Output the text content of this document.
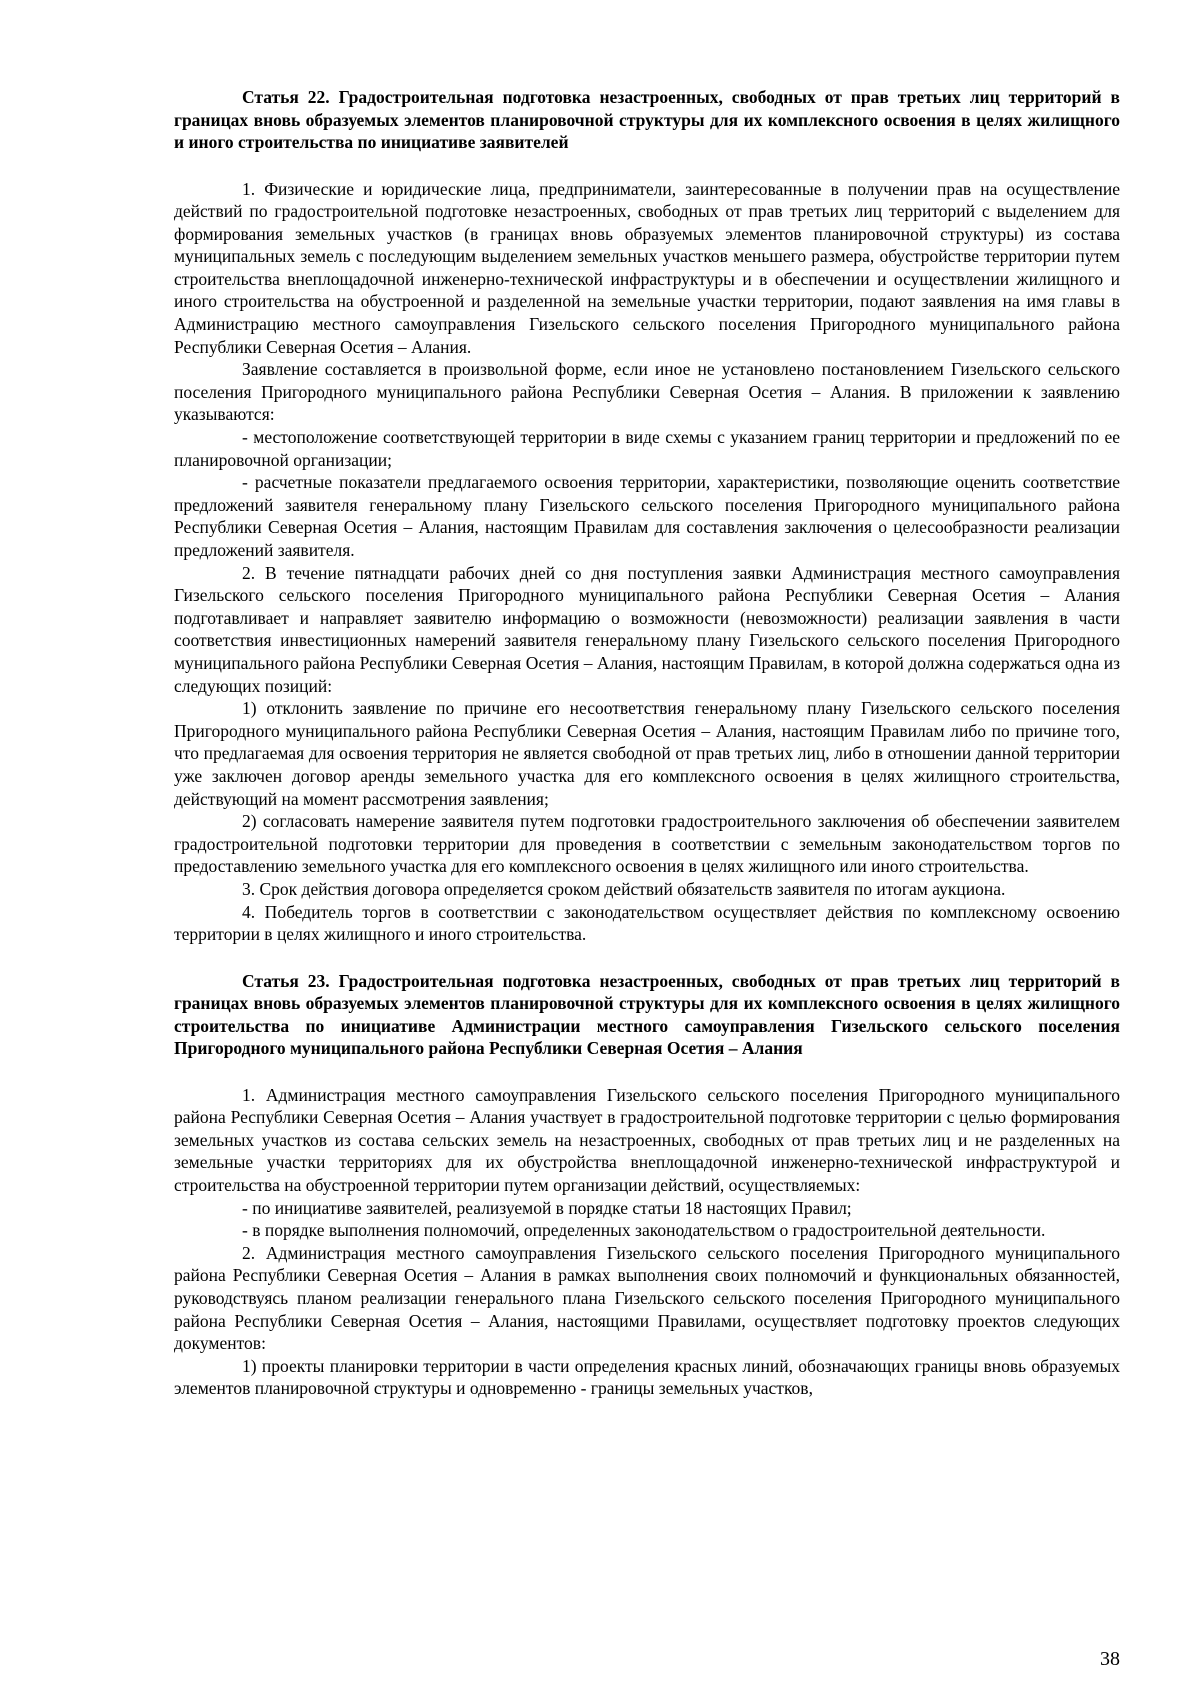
Статья 22. Градостроительная подготовка незастроенных, свободных от прав третьих лиц территорий в границах вновь образуемых элементов планировочной структуры для их комплексного освоения в целях жилищного и иного строительства по инициативе заявителей

1. Физические и юридические лица, предприниматели, заинтересованные в получении прав на осуществление действий по градостроительной подготовке незастроенных, свободных от прав третьих лиц территорий с выделением для формирования земельных участков (в границах вновь образуемых элементов планировочной структуры) из состава муниципальных земель с последующим выделением земельных участков меньшего размера, обустройстве территории путем строительства внеплощадочной инженерно-технической инфраструктуры и в обеспечении и осуществлении жилищного и иного строительства на обустроенной и разделенной на земельные участки территории, подают заявления на имя главы в Администрацию местного самоуправления Гизельского сельского поселения Пригородного муниципального района Республики Северная Осетия – Алания.

Заявление составляется в произвольной форме, если иное не установлено постановлением Гизельского сельского поселения Пригородного муниципального района Республики Северная Осетия – Алания. В приложении к заявлению указываются:

- местоположение соответствующей территории в виде схемы с указанием границ территории и предложений по ее планировочной организации;

- расчетные показатели предлагаемого освоения территории, характеристики, позволяющие оценить соответствие предложений заявителя генеральному плану Гизельского сельского поселения Пригородного муниципального района Республики Северная Осетия – Алания, настоящим Правилам для составления заключения о целесообразности реализации предложений заявителя.

2. В течение пятнадцати рабочих дней со дня поступления заявки Администрация местного самоуправления Гизельского сельского поселения Пригородного муниципального района Республики Северная Осетия – Алания подготавливает и направляет заявителю информацию о возможности (невозможности) реализации заявления в части соответствия инвестиционных намерений заявителя генеральному плану Гизельского сельского поселения Пригородного муниципального района Республики Северная Осетия – Алания, настоящим Правилам, в которой должна содержаться одна из следующих позиций:

1) отклонить заявление по причине его несоответствия генеральному плану Гизельского сельского поселения Пригородного муниципального района Республики Северная Осетия – Алания, настоящим Правилам либо по причине того, что предлагаемая для освоения территория не является свободной от прав третьих лиц, либо в отношении данной территории уже заключен договор аренды земельного участка для его комплексного освоения в целях жилищного строительства, действующий на момент рассмотрения заявления;

2) согласовать намерение заявителя путем подготовки градостроительного заключения об обеспечении заявителем градостроительной подготовки территории для проведения в соответствии с земельным законодательством торгов по предоставлению земельного участка для его комплексного освоения в целях жилищного или иного строительства.

3. Срок действия договора определяется сроком действий обязательств заявителя по итогам аукциона.

4. Победитель торгов в соответствии с законодательством осуществляет действия по комплексному освоению территории в целях жилищного и иного строительства.

Статья 23. Градостроительная подготовка незастроенных, свободных от прав третьих лиц территорий в границах вновь образуемых элементов планировочной структуры для их комплексного освоения в целях жилищного строительства по инициативе Администрации местного самоуправления Гизельского сельского поселения Пригородного муниципального района Республики Северная Осетия – Алания

1. Администрация местного самоуправления Гизельского сельского поселения Пригородного муниципального района Республики Северная Осетия – Алания участвует в градостроительной подготовке территории с целью формирования земельных участков из состава сельских земель на незастроенных, свободных от прав третьих лиц и не разделенных на земельные участки территориях для их обустройства внеплощадочной инженерно-технической инфраструктурой и строительства на обустроенной территории путем организации действий, осуществляемых:

- по инициативе заявителей, реализуемой в порядке статьи 18 настоящих Правил;

- в порядке выполнения полномочий, определенных законодательством о градостроительной деятельности.

2. Администрация местного самоуправления Гизельского сельского поселения Пригородного муниципального района Республики Северная Осетия – Алания в рамках выполнения своих полномочий и функциональных обязанностей, руководствуясь планом реализации генерального плана Гизельского сельского поселения Пригородного муниципального района Республики Северная Осетия – Алания, настоящими Правилами, осуществляет подготовку проектов следующих документов:

1) проекты планировки территории в части определения красных линий, обозначающих границы вновь образуемых элементов планировочной структуры и одновременно - границы земельных участков,

38
